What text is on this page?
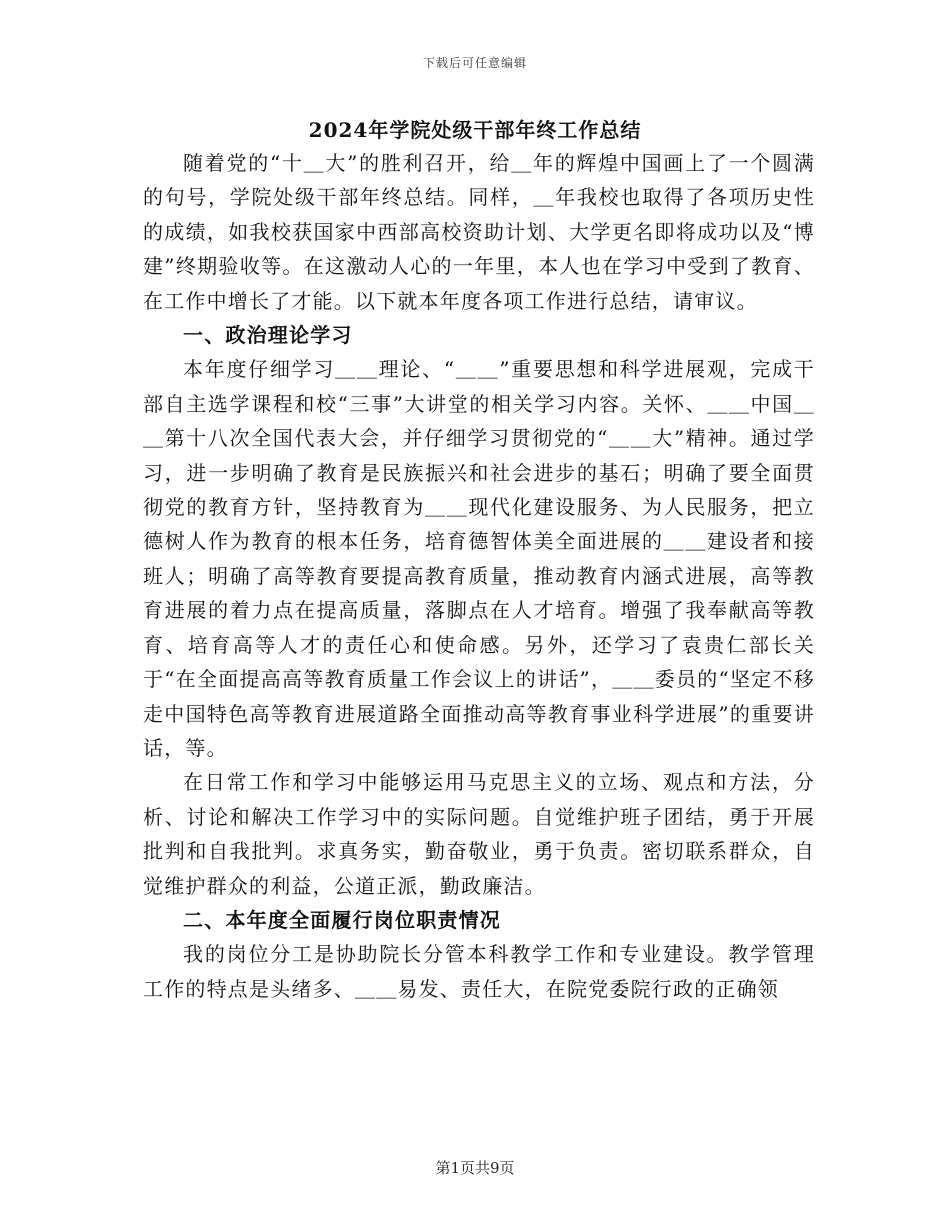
下载后可任意编辑
2024年学院处级干部年终工作总结

随着党的“十＿大”的胜利召开，给＿年的辉煌中国画上了一个圆满的句号，学院处级干部年终总结。同样，＿年我校也取得了各项历史性的成绩，如我校获国家中西部高校资助计划、大学更名即将成功以及“博建”终期验收等。在这激动人心的一年里，本人也在学习中受到了教育、在工作中增长了才能。以下就本年度各项工作进行总结，请审议。

一、政治理论学习

本年度仔细学习＿＿理论、“＿＿”重要思想和科学进展观，完成干部自主选学课程和校“三事”大讲堂的相关学习内容。关怀、＿＿中国＿＿第十八次全国代表大会，并仔细学习贯彻党的“＿＿大”精神。通过学习，进一步明确了教育是民族振兴和社会进步的基石；明确了要全面贯彻党的教育方针，坚持教育为＿＿现代化建设服务、为人民服务，把立德树人作为教育的根本任务，培育德智体美全面进展的＿＿建设者和接班人；明确了高等教育要提高教育质量，推动教育内涵式进展，高等教育进展的着力点在提高质量，落脚点在人才培育。增强了我奉献高等教育、培育高等人才的责任心和使命感。另外，还学习了袁贵仁部长关于“在全面提高高等教育质量工作会议上的讲话”，＿＿委员的“坚定不移走中国特色高等教育进展道路全面推动高等教育事业科学进展”的重要讲话，等。

在日常工作和学习中能够运用马克思主义的立场、观点和方法，分析、讨论和解决工作学习中的实际问题。自觉维护班子团结，勇于开展批判和自我批判。求真务实，勤奋敬业，勇于负责。密切联系群众，自觉维护群众的利益，公道正派，勤政廉洁。

二、本年度全面履行岗位职责情况

我的岗位分工是协助院长分管本科教学工作和专业建设。教学管理工作的特点是头绪多、＿＿易发、责任大，在院党委院行政的正确领

第1页共9页
